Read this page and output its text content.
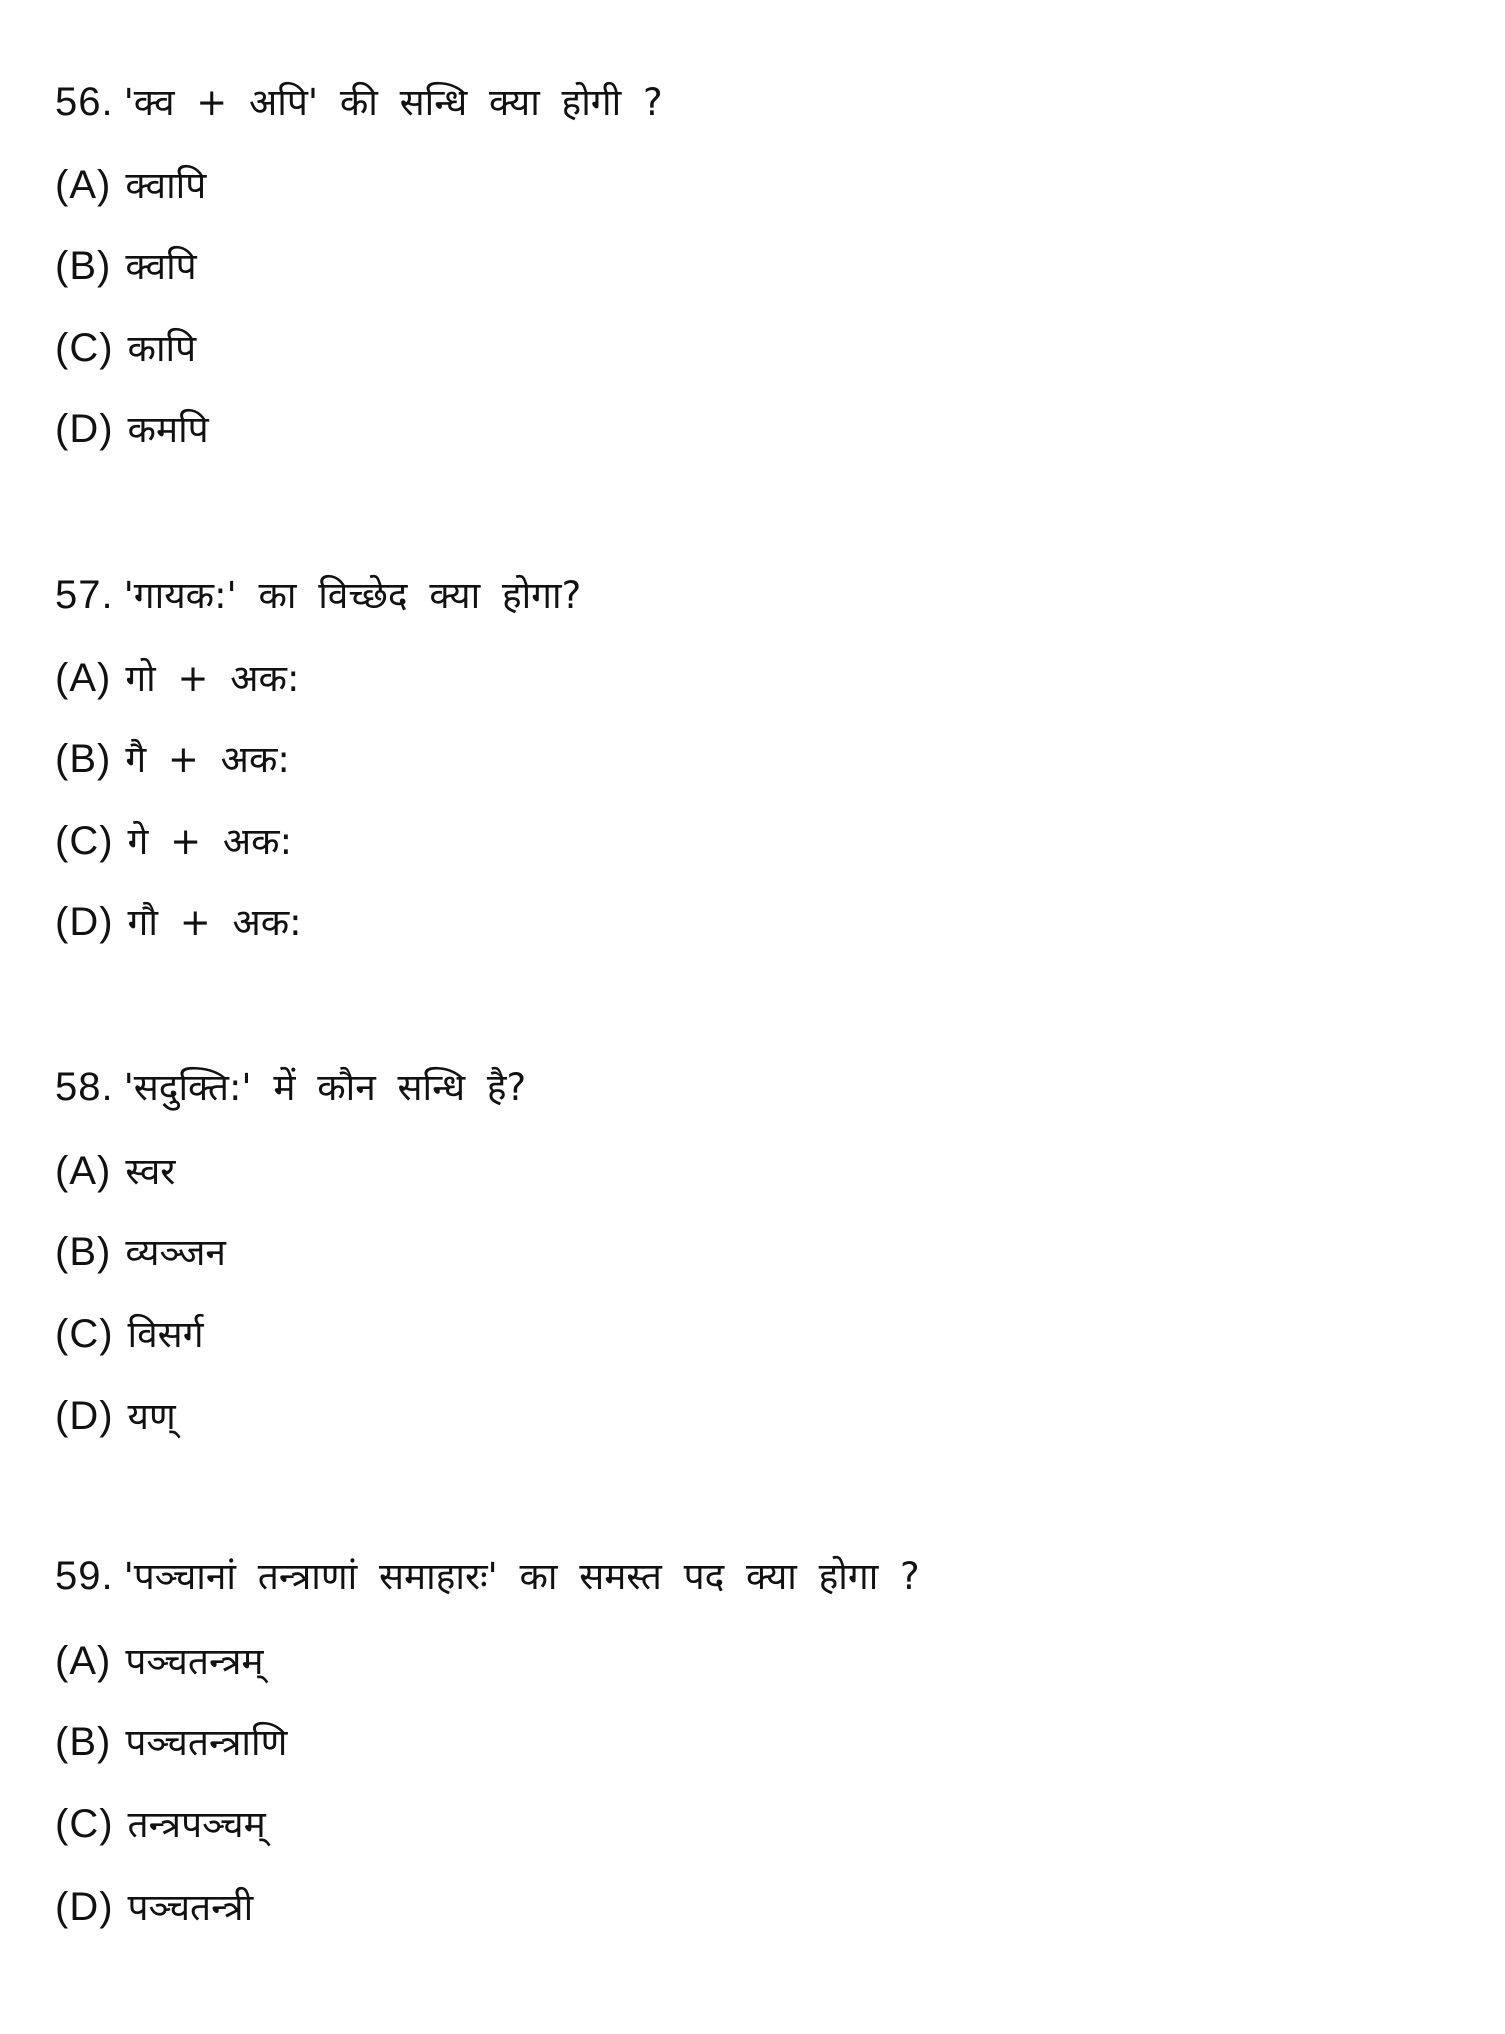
56. 'क्व + अपि' की सन्धि क्या होगी ?
(A) क्वापि
(B) क्वपि
(C) कापि
(D) कमपि
57. 'गायक:' का विच्छेद क्या होगा?
(A) गो + अक:
(B) गै + अक:
(C) गे + अक:
(D) गौ + अक:
58. 'सदुक्ति:' में कौन सन्धि है?
(A) स्वर
(B) व्यञ्जन
(C) विसर्ग
(D) यण्
59. 'पञ्चानां तन्त्राणां समाहारः' का समस्त पद क्या होगा ?
(A) पञ्चतन्त्रम्
(B) पञ्चतन्त्राणि
(C) तन्त्रपञ्चम्
(D) पञ्चतन्त्री
